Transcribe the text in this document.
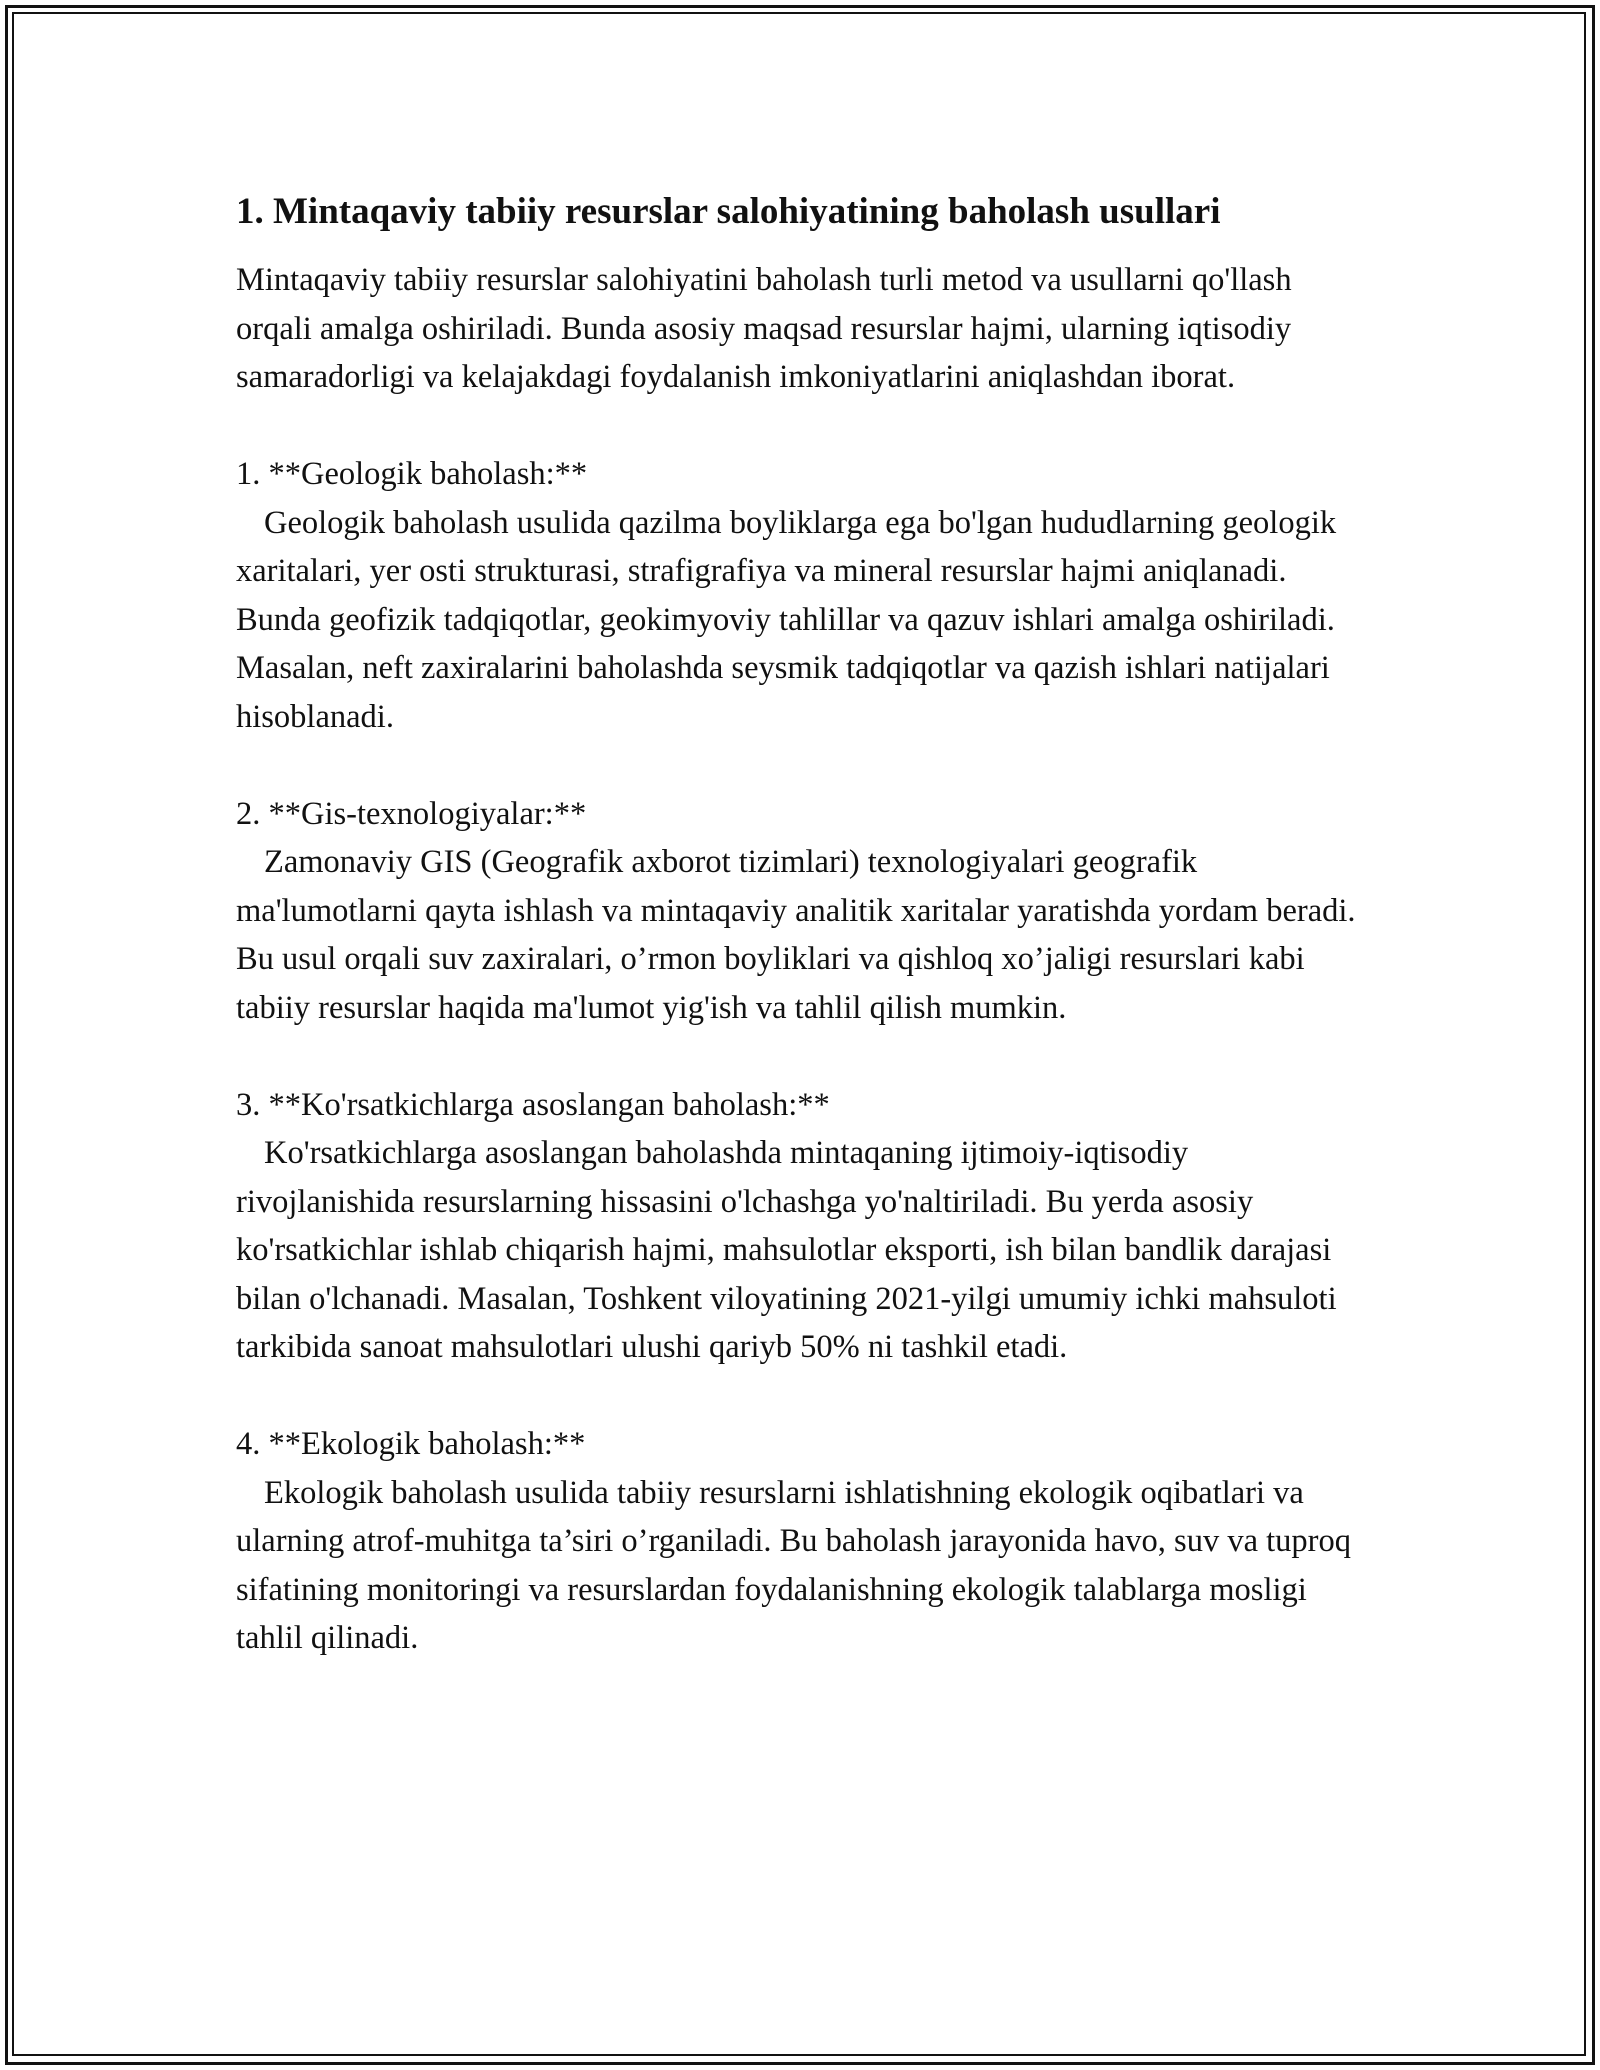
1. Mintaqaviy tabiiy resurslar salohiyatining baholash usullari

Mintaqaviy tabiiy resurslar salohiyatini baholash turli metod va usullarni qo'llash orqali amalga oshiriladi. Bunda asosiy maqsad resurslar hajmi, ularning iqtisodiy samaradorligi va kelajakdagi foydalanish imkoniyatlarini aniqlashdan iborat.

1. **Geologik baholash:**
Geologik baholash usulida qazilma boyliklarga ega bo'lgan hududlarning geologik xaritalari, yer osti strukturasi, strafigrafiya va mineral resurslar hajmi aniqlanadi. Bunda geofizik tadqiqotlar, geokimyoviy tahlillar va qazuv ishlari amalga oshiriladi. Masalan, neft zaxiralarini baholashda seysmik tadqiqotlar va qazish ishlari natijalari hisoblanadi.
2. **Gis-texnologiyalar:**
Zamonaviy GIS (Geografik axborot tizimlari) texnologiyalari geografik ma'lumotlarni qayta ishlash va mintaqaviy analitik xaritalar yaratishda yordam beradi. Bu usul orqali suv zaxiralari, o’rmon boyliklari va qishloq xo’jaligi resurslari kabi tabiiy resurslar haqida ma'lumot yig'ish va tahlil qilish mumkin.
3. **Ko'rsatkichlarga asoslangan baholash:**
Ko'rsatkichlarga asoslangan baholashda mintaqaning ijtimoiy-iqtisodiy rivojlanishida resurslarning hissasini o'lchashga yo'naltiriladi. Bu yerda asosiy ko'rsatkichlar ishlab chiqarish hajmi, mahsulotlar eksporti, ish bilan bandlik darajasi bilan o'lchanadi. Masalan, Toshkent viloyatining 2021-yilgi umumiy ichki mahsuloti tarkibida sanoat mahsulotlari ulushi qariyb 50% ni tashkil etadi.
4. **Ekologik baholash:**
Ekologik baholash usulida tabiiy resurslarni ishlatishning ekologik oqibatlari va ularning atrof-muhitga ta’siri o’rganiladi. Bu baholash jarayonida havo, suv va tuproq sifatining monitoringi va resurslardan foydalanishning ekologik talablarga mosligi tahlil qilinadi.
